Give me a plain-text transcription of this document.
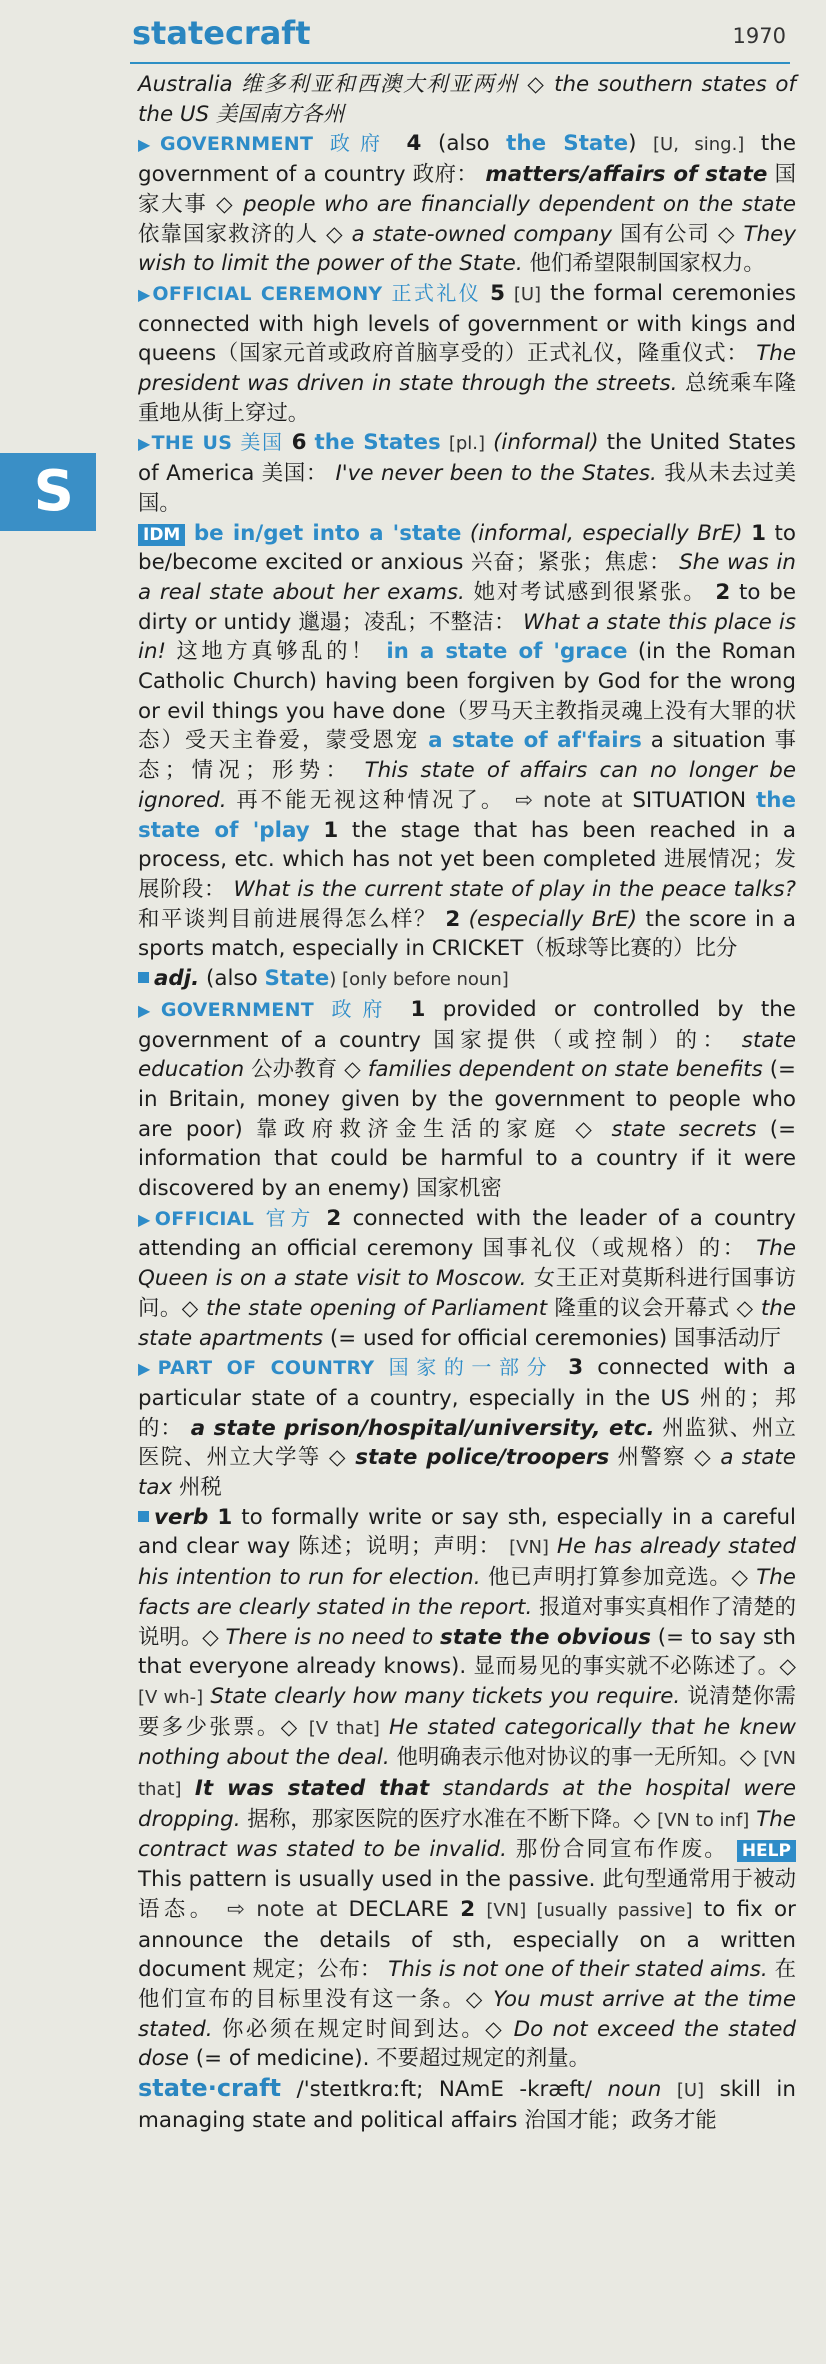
statecraft	1970
S

Australia 维多利亚和西澳大利亚两州 ◇ the southern states of the US 美国南方各州

▶GOVERNMENT 政府 4 (also the State) [U, sing.] the government of a country 政府： matters/affairs of state 国家大事 ◇ people who are financially dependent on the state 依靠国家救济的人 ◇ a state-owned company 国有公司 ◇ They wish to limit the power of the State. 他们希望限制国家权力。

▶OFFICIAL CEREMONY 正式礼仪 5 [U] the formal ceremonies connected with high levels of government or with kings and queens（国家元首或政府首脑享受的）正式礼仪，隆重仪式： The president was driven in state through the streets. 总统乘车隆重地从街上穿过。

▶THE US 美国 6 the States [pl.] (informal) the United States of America 美国： I've never been to the States. 我从未去过美国。

IDM be in/get into a 'state (informal, especially BrE) 1 to be/become excited or anxious 兴奋；紧张；焦虑： She was in a real state about her exams. 她对考试感到很紧张。 2 to be dirty or untidy 邋遢；凌乱；不整洁： What a state this place is in! 这地方真够乱的！ in a state of 'grace (in the Roman Catholic Church) having been forgiven by God for the wrong or evil things you have done（罗马天主教指灵魂上没有大罪的状态）受天主眷爱，蒙受恩宠 a state of af'fairs a situation 事态；情况；形势： This state of affairs can no longer be ignored. 再不能无视这种情况了。 ⇨ note at SITUATION the state of 'play 1 the stage that has been reached in a process, etc. which has not yet been completed 进展情况；发展阶段： What is the current state of play in the peace talks? 和平谈判目前进展得怎么样？ 2 (especially BrE) the score in a sports match, especially in CRICKET（板球等比赛的）比分

adj. (also State) [only before noun]

▶GOVERNMENT 政府 1 provided or controlled by the government of a country 国家提供（或控制）的： state education 公办教育 ◇ families dependent on state benefits (= in Britain, money given by the government to people who are poor) 靠政府救济金生活的家庭 ◇ state secrets (= information that could be harmful to a country if it were discovered by an enemy) 国家机密

▶OFFICIAL 官方 2 connected with the leader of a country attending an official ceremony 国事礼仪（或规格）的： The Queen is on a state visit to Moscow. 女王正对莫斯科进行国事访问。◇ the state opening of Parliament 隆重的议会开幕式 ◇ the state apartments (= used for official ceremonies) 国事活动厅

▶PART OF COUNTRY 国家的一部分 3 connected with a particular state of a country, especially in the US 州的；邦的： a state prison/hospital/university, etc. 州监狱、州立医院、州立大学等 ◇ state police/troopers 州警察 ◇ a state tax 州税

verb 1 to formally write or say sth, especially in a careful and clear way 陈述；说明；声明： [VN] He has already stated his intention to run for election. 他已声明打算参加竞选。◇ The facts are clearly stated in the report. 报道对事实真相作了清楚的说明。◇ There is no need to state the obvious (= to say sth that everyone already knows). 显而易见的事实就不必陈述了。◇ [V wh-] State clearly how many tickets you require. 说清楚你需要多少张票。◇ [V that] He stated categorically that he knew nothing about the deal. 他明确表示他对协议的事一无所知。◇ [VN that] It was stated that standards at the hospital were dropping. 据称，那家医院的医疗水准在不断下降。◇ [VN to inf] The contract was stated to be invalid. 那份合同宣布作废。 HELP This pattern is usually used in the passive. 此句型通常用于被动语态。 ⇨ note at DECLARE 2 [VN] [usually passive] to fix or announce the details of sth, especially on a written document 规定；公布： This is not one of their stated aims. 在他们宣布的目标里没有这一条。◇ You must arrive at the time stated. 你必须在规定时间到达。◇ Do not exceed the stated dose (= of medicine). 不要超过规定的剂量。

state·craft /'steɪtkrɑːft; NAmE -kræft/ noun [U] skill in managing state and political affairs 治国才能；政务才能
